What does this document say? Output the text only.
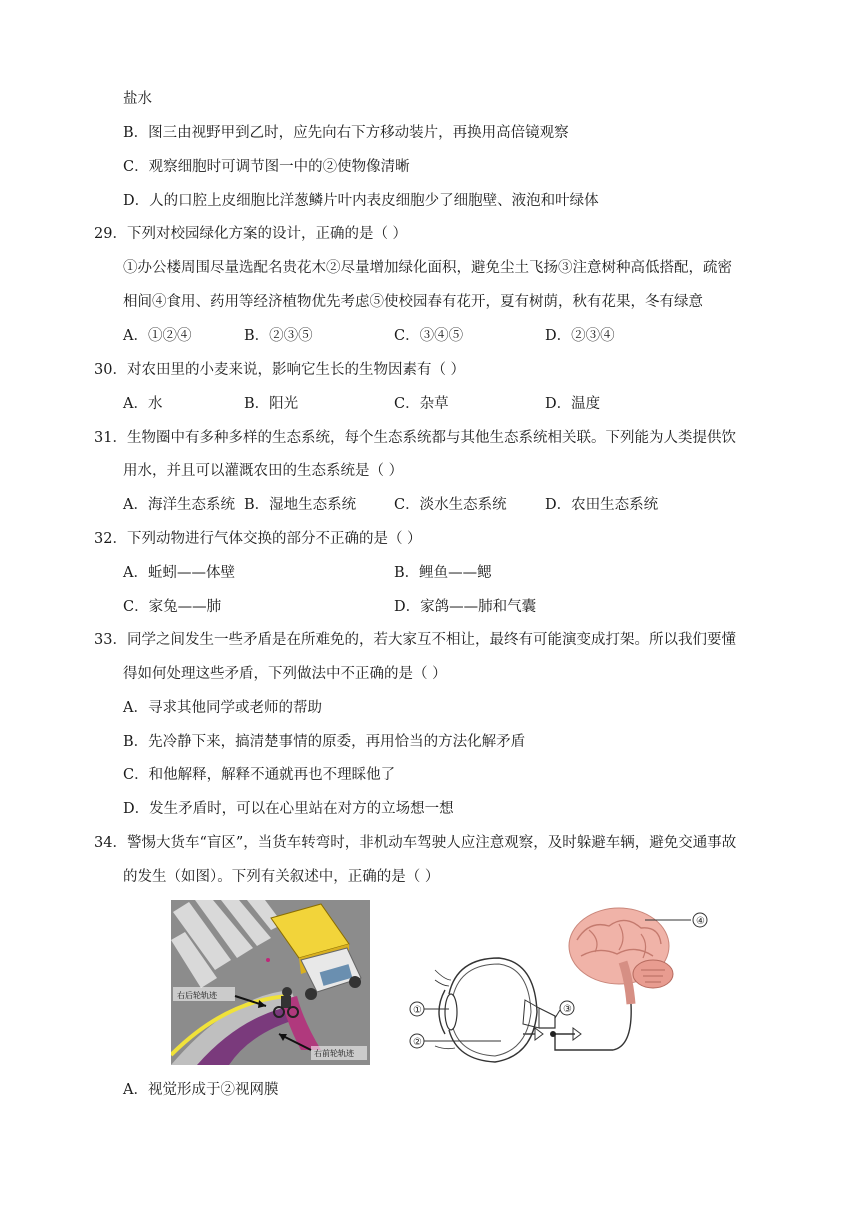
盐水
B．图三由视野甲到乙时，应先向右下方移动装片，再换用高倍镜观察
C．观察细胞时可调节图一中的②使物像清晰
D．人的口腔上皮细胞比洋葱鳞片叶内表皮细胞少了细胞壁、液泡和叶绿体
29．下列对校园绿化方案的设计，正确的是（ ）
①办公楼周围尽量选配名贵花木②尽量增加绿化面积，避免尘土飞扬③注意树种高低搭配，疏密
相间④食用、药用等经济植物优先考虑⑤使校园春有花开，夏有树荫，秋有花果，冬有绿意
A．①②④	B．②③⑤	C．③④⑤	D．②③④
30．对农田里的小麦来说，影响它生长的生物因素有（ ）
A．水	B．阳光	C．杂草	D．温度
31．生物圈中有多种多样的生态系统，每个生态系统都与其他生态系统相关联。下列能为人类提供饮
用水，并且可以灌溉农田的生态系统是（ ）
A．海洋生态系统 B．湿地生态系统	C．淡水生态系统	D．农田生态系统
32．下列动物进行气体交换的部分不正确的是（ ）
A．蚯蚓——体壁	B．鲤鱼——鳃
C．家兔——肺	D．家鸽——肺和气囊
33．同学之间发生一些矛盾是在所难免的，若大家互不相让，最终有可能演变成打架。所以我们要懂
得如何处理这些矛盾，下列做法中不正确的是（ ）
A．寻求其他同学或老师的帮助
B．先冷静下来，搞清楚事情的原委，再用恰当的方法化解矛盾
C．和他解释，解释不通就再也不理睬他了
D．发生矛盾时，可以在心里站在对方的立场想一想
34．警惕大货车“盲区”，当货车转弯时，非机动车驾驶人应注意观察，及时躲避车辆，避免交通事故
的发生（如图）。下列有关叙述中，正确的是（ ）
右后轮轨迹
右前轮轨迹
④
①
②
③
A．视觉形成于②视网膜
